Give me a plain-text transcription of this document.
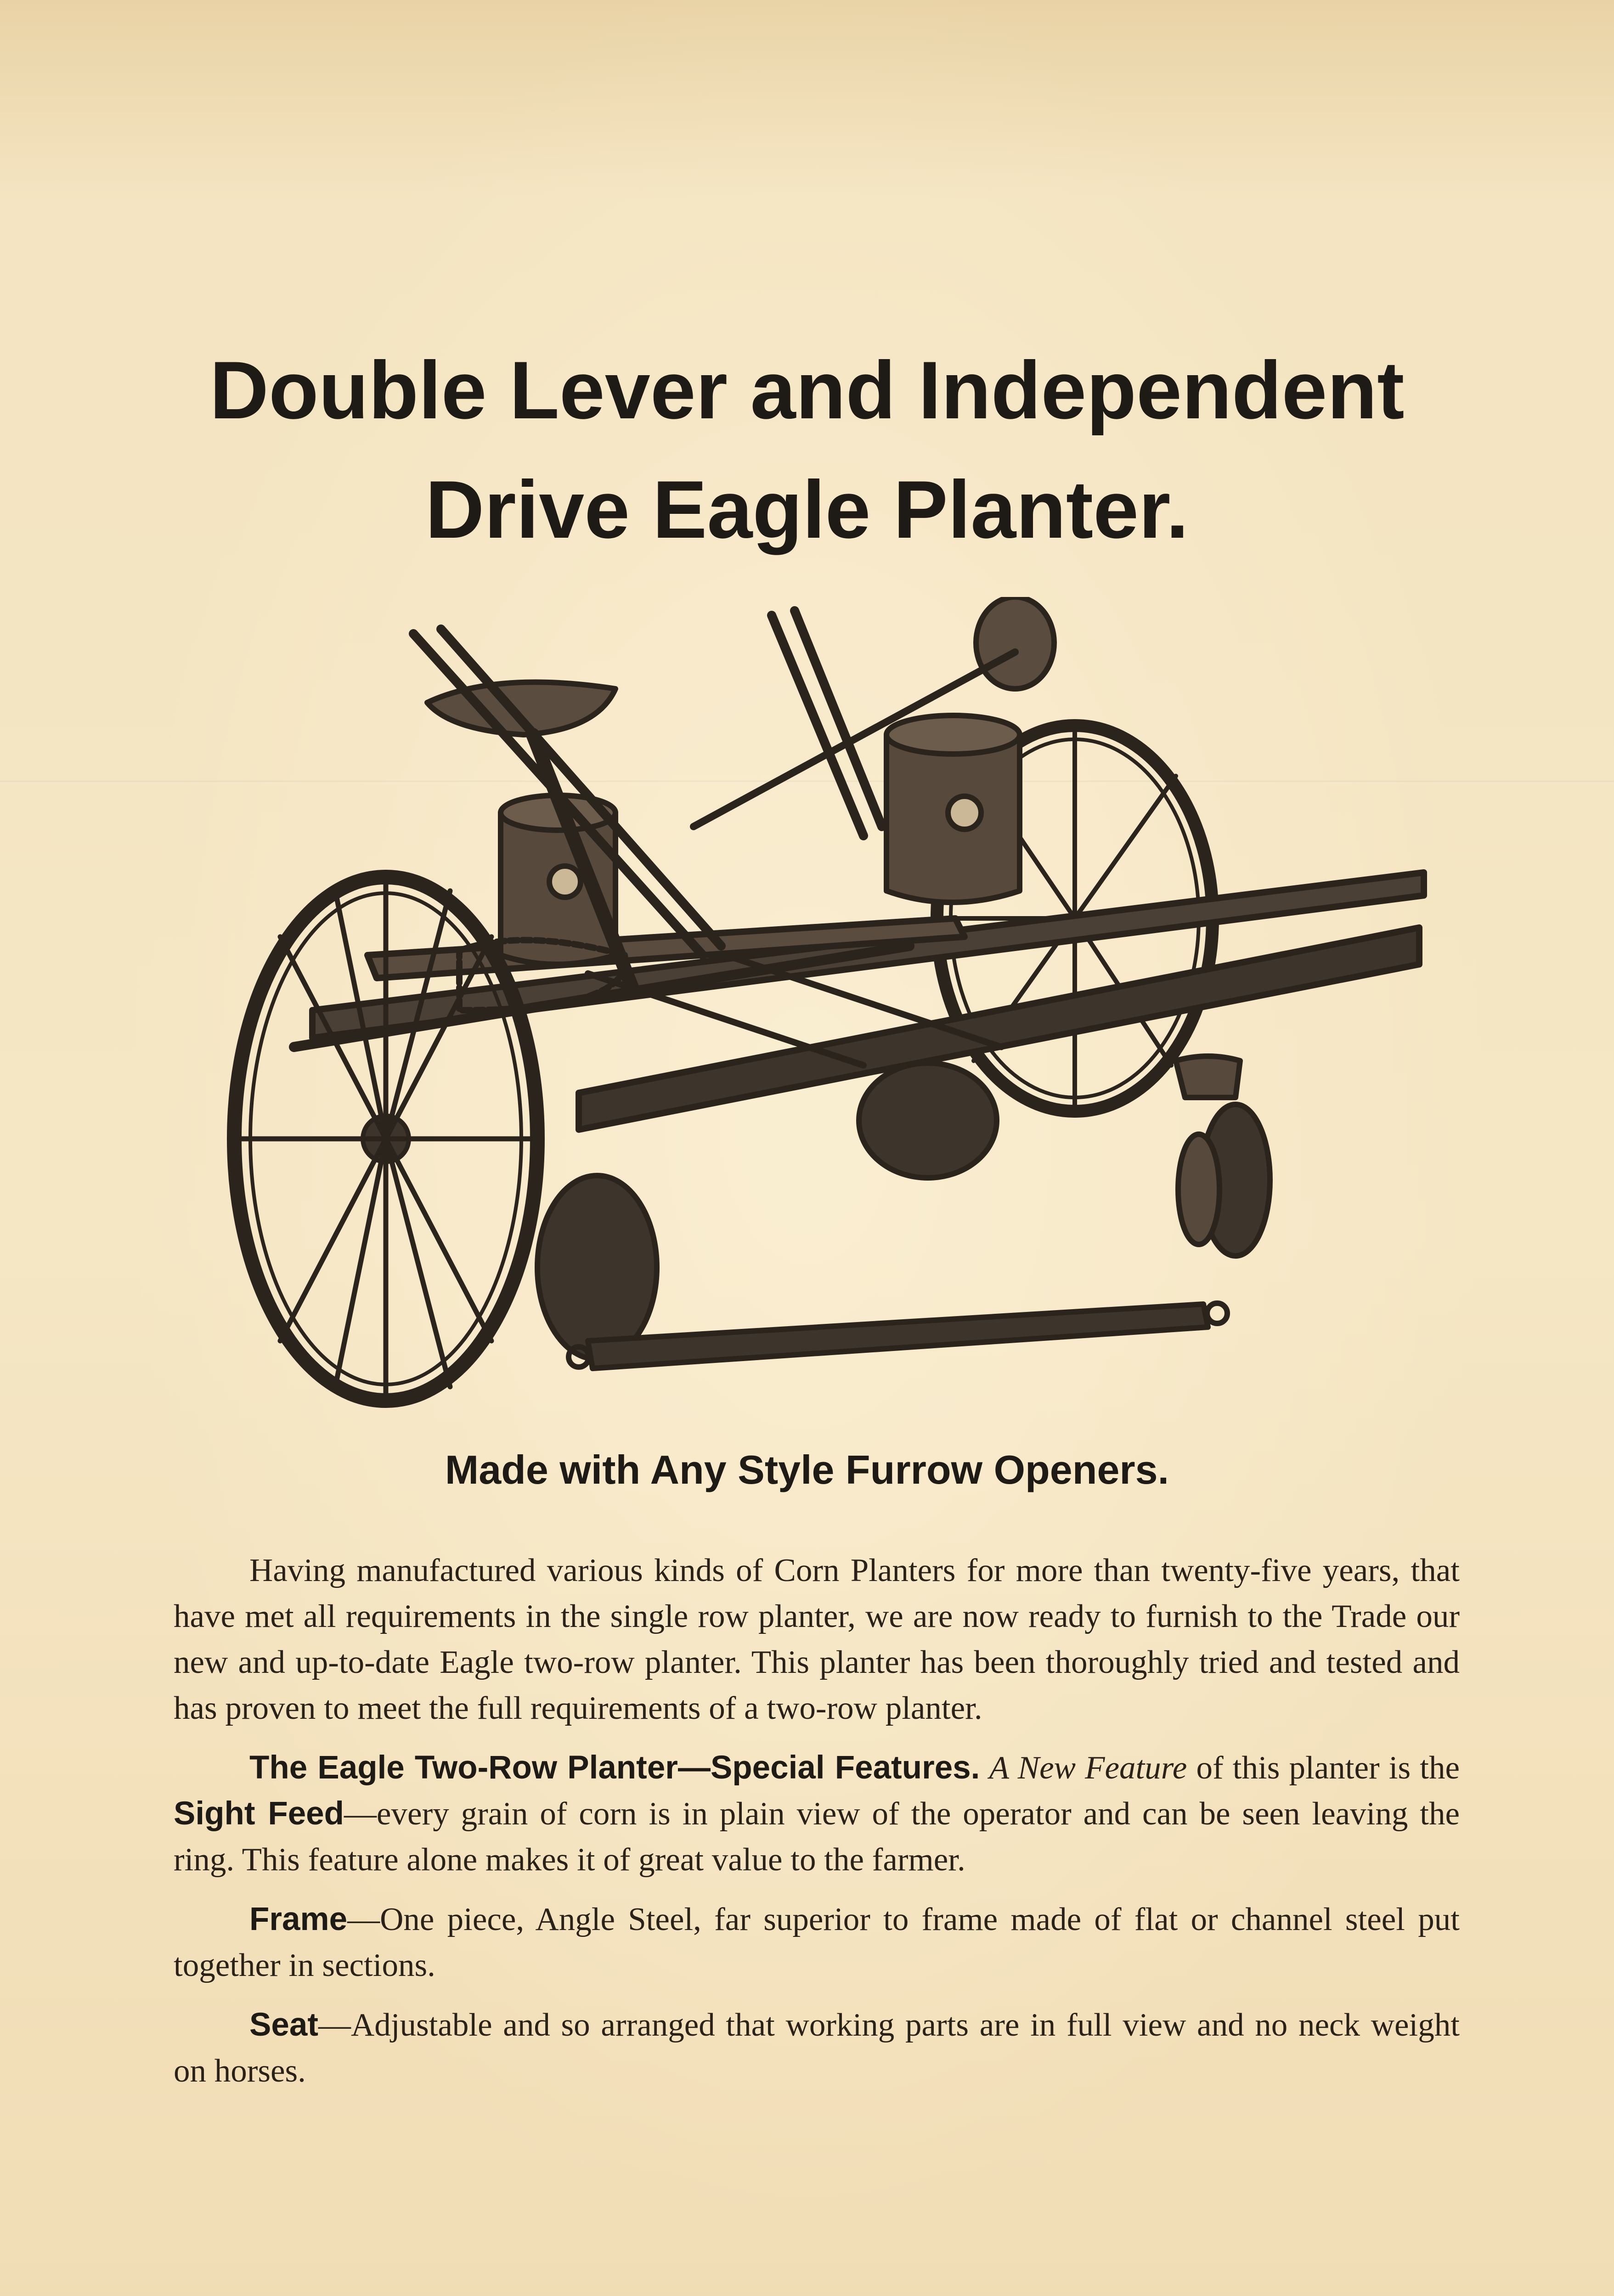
Double Lever and Independent
Drive Eagle Planter.
Made with Any Style Furrow Openers.

Having manufactured various kinds of Corn Planters for more than twenty-five years, that have met all requirements in the single row planter, we are now ready to furnish to the Trade our new and up-to-date Eagle two-row planter. This planter has been thoroughly tried and tested and has proven to meet the full requirements of a two-row planter.

The Eagle Two-Row Planter—Special Features. A New Feature of this planter is the Sight Feed—every grain of corn is in plain view of the operator and can be seen leaving the ring. This feature alone makes it of great value to the farmer.

Frame—One piece, Angle Steel, far superior to frame made of flat or channel steel put together in sections.

Seat—Adjustable and so arranged that working parts are in full view and no neck weight on horses.
